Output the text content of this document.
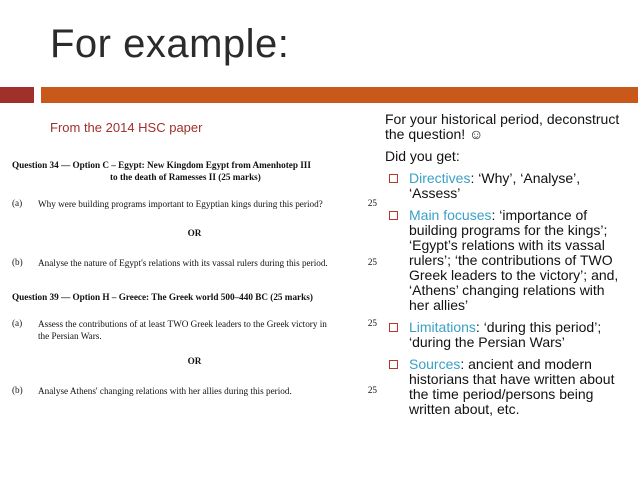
For example:
From the 2014 HSC paper
Question 34 — Option C – Egypt: New Kingdom Egypt from Amenhotep III
to the death of Ramesses II (25 marks)
(a) Why were building programs important to Egyptian kings during this period?	25
OR
(b) Analyse the nature of Egypt's relations with its vassal rulers during this period.	25
Question 39 — Option H – Greece: The Greek world 500–440 BC (25 marks)
(a) Assess the contributions of at least TWO Greek leaders to the Greek victory in the Persian Wars.
25
OR
(b) Analyse Athens' changing relations with her allies during this period.	25

For your historical period, deconstruct the question! ☺

Did you get:

Directives: ‘Why’, ‘Analyse’, ‘Assess’
Main focuses: ‘importance of building programs for the kings’; ‘Egypt’s relations with its vassal rulers’; ‘the contributions of TWO Greek leaders to the victory’; and, ‘Athens’ changing relations with her allies’
Limitations: ‘during this period’; ‘during the Persian Wars’
Sources: ancient and modern historians that have written about the time period/persons being written about, etc.
